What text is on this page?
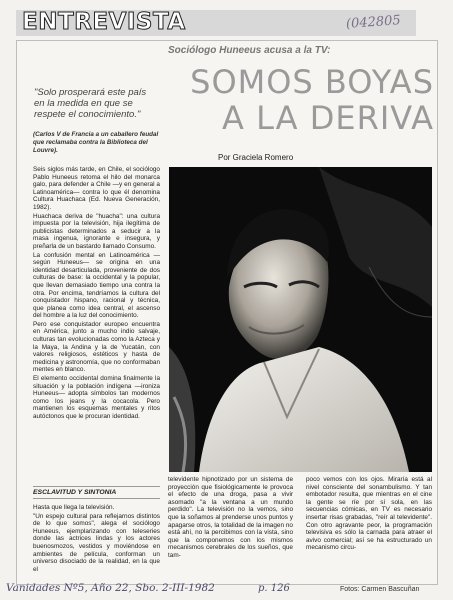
ENTREVISTA	(042805
Sociólogo Huneeus acusa a la TV:
SOMOS BOYAS A LA DERIVA
Por Graciela Romero
"Solo prosperará este país en la medida en que se respete el conocimiento."
(Carlos V de Francia a un caballero feudal que reclamaba contra la Biblioteca del Louvre).

Seis siglos más tarde, en Chile, el sociólogo Pablo Huneeus retoma el hilo del monarca galo, para defender a Chile —y en general a Latinoamérica— contra lo que él denomina Cultura Huachaca (Ed. Nueva Generación, 1982).

Huachaca deriva de "huacha": una cultura impuesta por la televisión, hija ilegítima de publicistas determinados a seducir a la masa ingenua, ignorante e insegura, y preñarla de un bastardo llamado Consumo.

La confusión mental en Latinoamérica —según Huneeus— se origina en una identidad desarticulada, proveniente de dos culturas de base: la occidental y la popular, que llevan demasiado tiempo una contra la otra. Por encima, tendríamos la cultura del conquistador hispano, racional y técnica, que planea como idea central, el ascenso del hombre a la luz del conocimiento.

Pero ese conquistador europeo encuentra en América, junto a mucho indio salvaje, culturas tan evolucionadas como la Azteca y la Maya, la Andina y la de Yucatán, con valores religiosos, estéticos y hasta de medicina y astronomía, que no conformaban mentes en blanco.

El elemento occidental domina finalmente la situación y la población indígena —ironiza Huneeus— adopta símbolos tan modernos como los jeans y la cocacola. Pero mantienen los esquemas mentales y ritos autóctonos que le procuran identidad.

ESCLAVITUD Y SINTONIA

Hasta que llega la televisión.

"Un espejo cultural para reflejarnos distintos de lo que somos", alega el sociólogo Huneeus, ejemplarizando con teleseries donde las actrices lindas y los actores buenosmozos, vestidos y moviéndose en ambientes de película, conforman un universo disociado de la realidad, en la que el

televidente hipnotizado por un sistema de proyección que fisiológicamente le provoca el efecto de una droga, pasa a vivir asomado "a la ventana a un mundo perdido". La televisión no la vemos, sino que la soñamos al prenderse unos puntos y apagarse otros, la totalidad de la imagen no está ahí, no la percibimos con la vista, sino que la componemos con los mismos mecanismos cerebrales de los sueños, que tam-
poco vemos con los ojos. Miraría está al nivel consciente del sonambulismo. Y tan embotador resulta, que mientras en el cine la gente se ríe por sí sola, en las secuencias cómicas, en TV es necesario insertar risas grabadas, "reír al televidente". Con otro agravante peor, la programación televisiva es sólo la carnada para atraer el avivo comercial; así se ha estructurado un mecanismo circu-
Vanidades Nº5, Año 22, Sbo. 2-III-1982	p. 126	Fotos: Carmen Bascuñan
